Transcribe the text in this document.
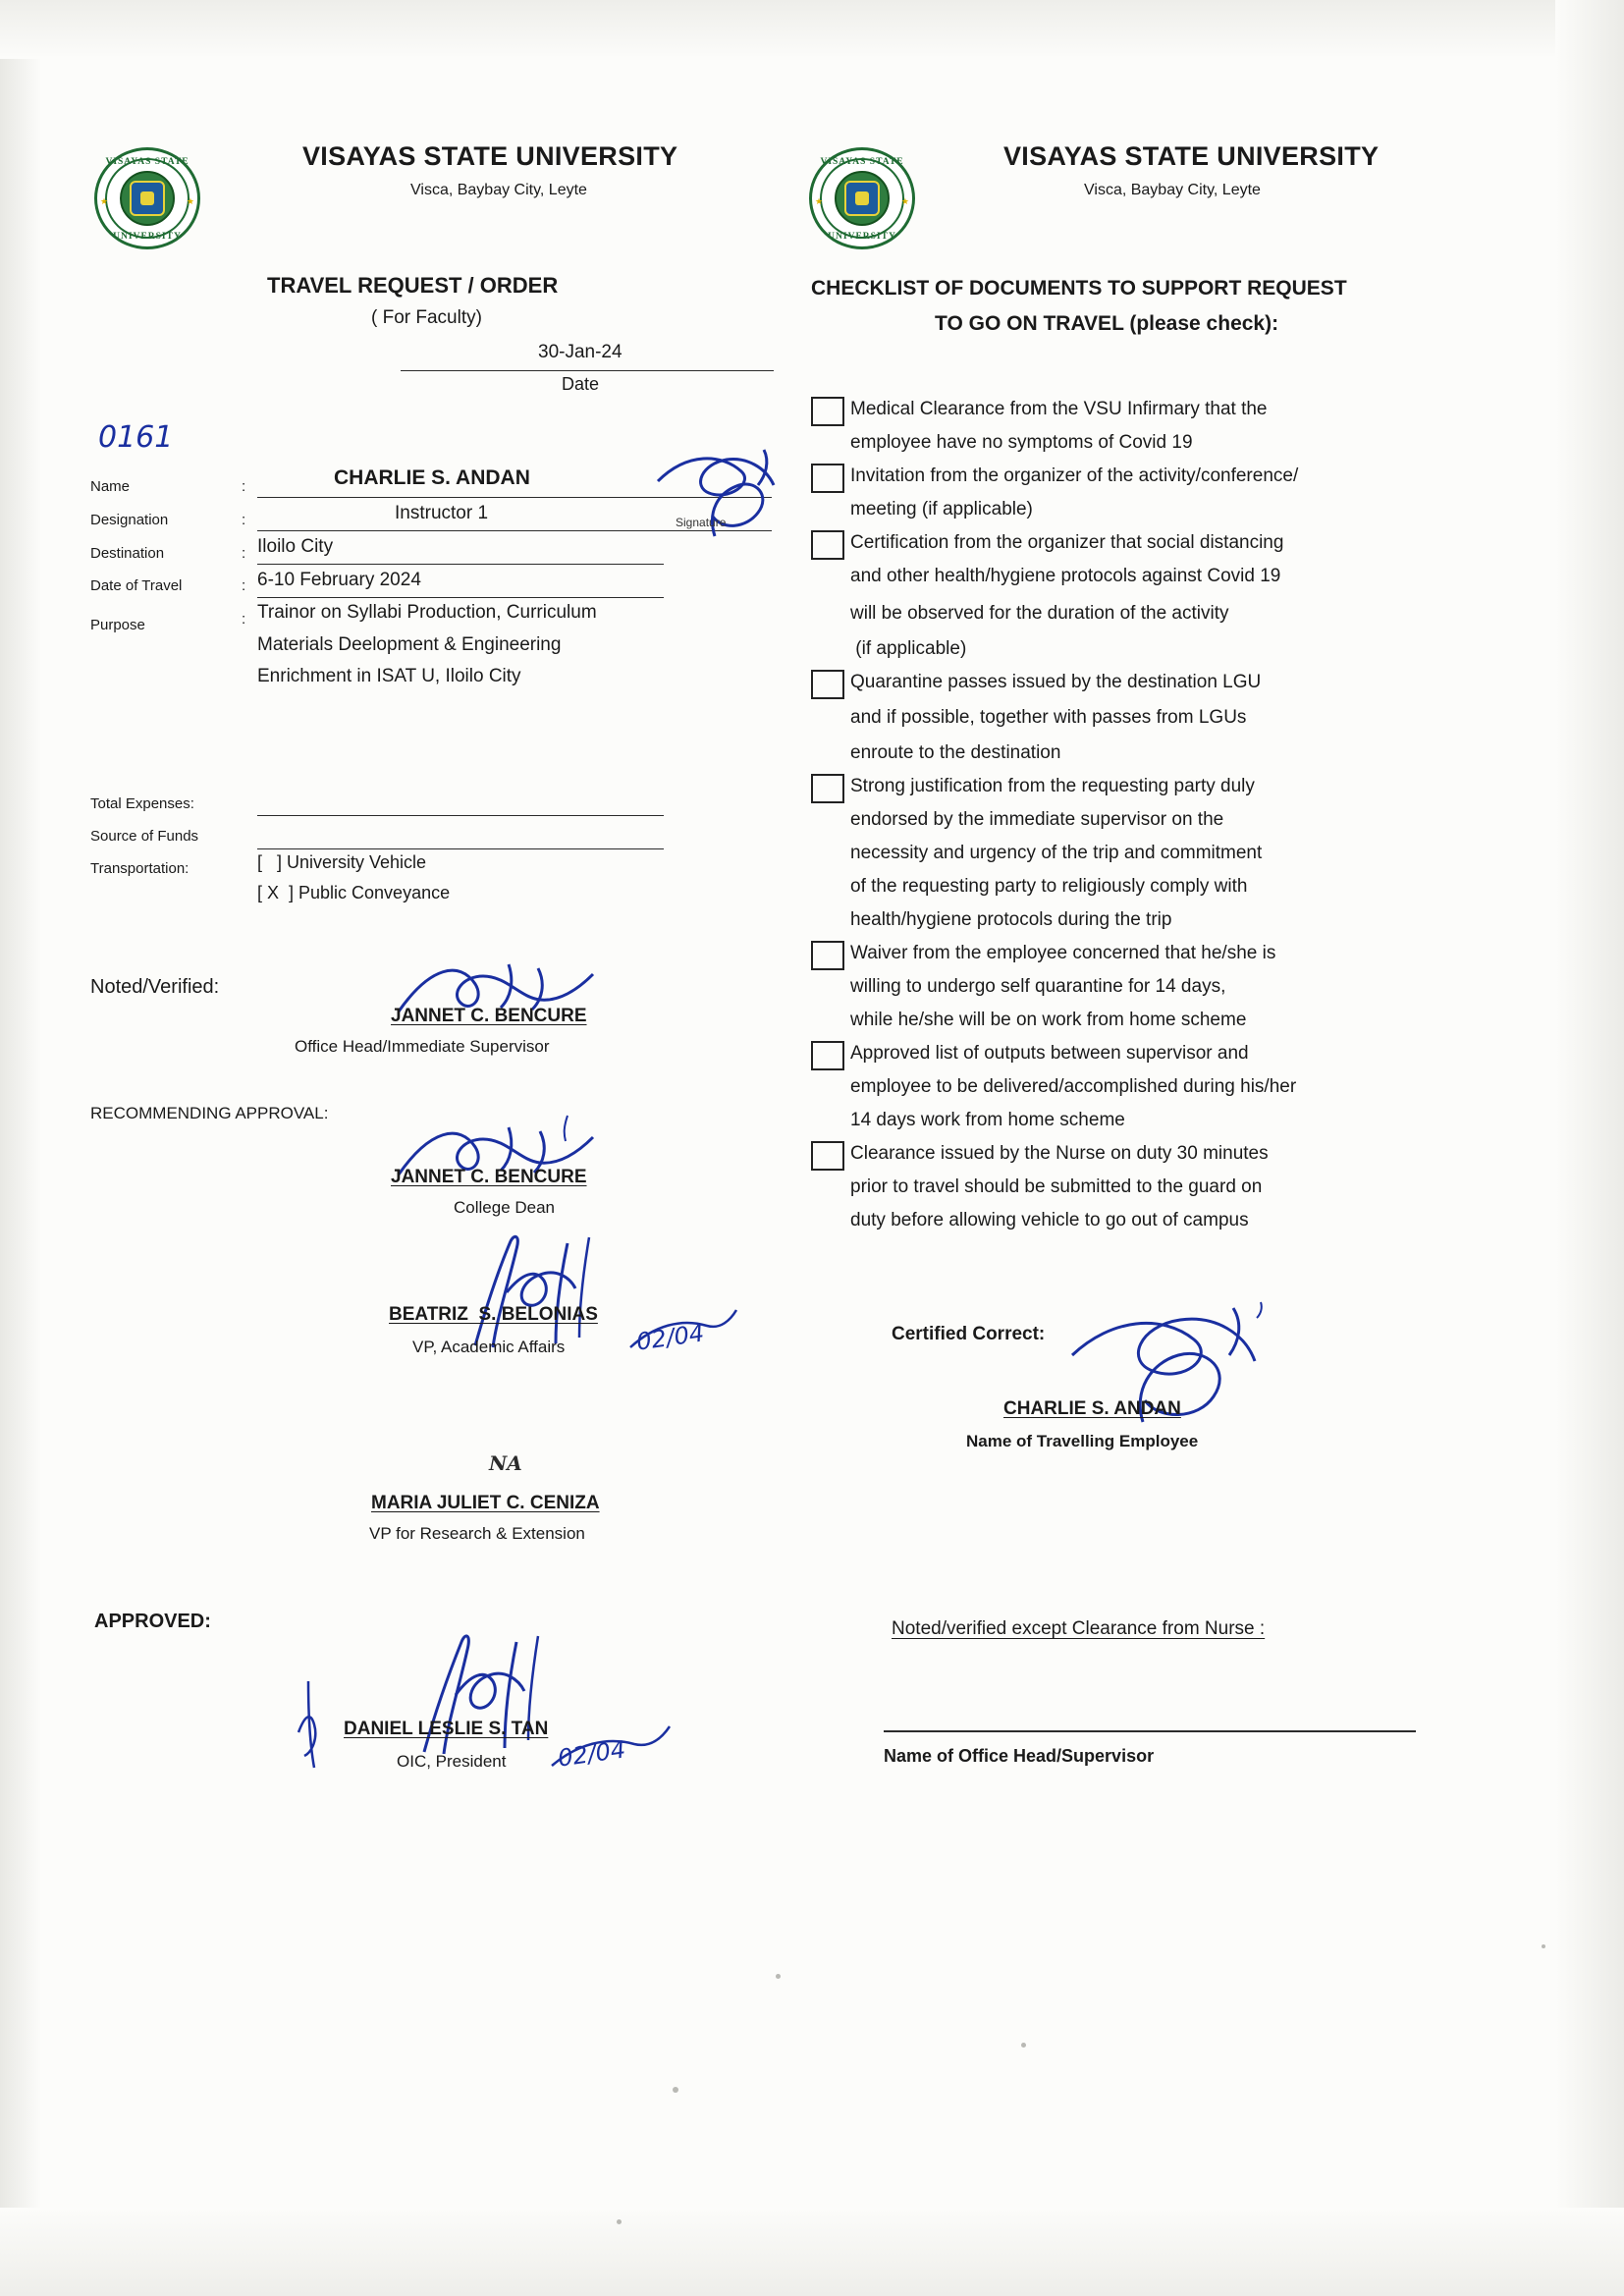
VISAYAS STATE
UNIVERSITY
★	★
VISAYAS STATE
UNIVERSITY
★	★
VISAYAS STATE UNIVERSITY
Visca, Baybay City, Leyte
TRAVEL REQUEST / ORDER
( For Faculty)
30-Jan-24
Date
0161
Name	:	CHARLIE S. ANDAN
Designation	:	Instructor 1
Destination	: Iloilo City
Date of Travel	: 6-10 February 2024
Purpose	: Trainor on Syllabi Production, Curriculum
Materials Deelopment & Engineering
Enrichment in ISAT U, Iloilo City
Signature
Total Expenses:
Source of Funds
Transportation:	[   ] University Vehicle
[ X  ] Public Conveyance
Noted/Verified:
JANNET C. BENCURE
Office Head/Immediate Supervisor
RECOMMENDING APPROVAL:
JANNET C. BENCURE
College Dean
BEATRIZ  S. BELONIAS
VP, Academic Affairs	02/04
NA
MARIA JULIET C. CENIZA
VP for Research & Extension
APPROVED:
DANIEL LESLIE S. TAN
OIC, President 02/04
VISAYAS STATE UNIVERSITY
Visca, Baybay City, Leyte
CHECKLIST OF DOCUMENTS TO SUPPORT REQUEST
TO GO ON TRAVEL (please check):
Medical Clearance from the VSU Infirmary that the
employee have no symptoms of Covid 19
Invitation from the organizer of the activity/conference/
meeting (if applicable)
Certification from the organizer that social distancing
and other health/hygiene protocols against Covid 19
will be observed for the duration of the activity
(if applicable)
Quarantine passes issued by the destination LGU
and if possible, together with passes from LGUs
enroute to the destination
Strong justification from the requesting party duly
endorsed by the immediate supervisor on the
necessity and urgency of the trip and commitment
of the requesting party to religiously comply with
health/hygiene protocols during the trip
Waiver from the employee concerned that he/she is
willing to undergo self quarantine for 14 days,
while he/she will be on work from home scheme
Approved list of outputs between supervisor and
employee to be delivered/accomplished during his/her
14 days work from home scheme
Clearance issued by the Nurse on duty 30 minutes
prior to travel should be submitted to the guard on
duty before allowing vehicle to go out of campus
Certified Correct:
CHARLIE S. ANDAN
Name of Travelling Employee
Noted/verified except Clearance from Nurse :
Name of Office Head/Supervisor
